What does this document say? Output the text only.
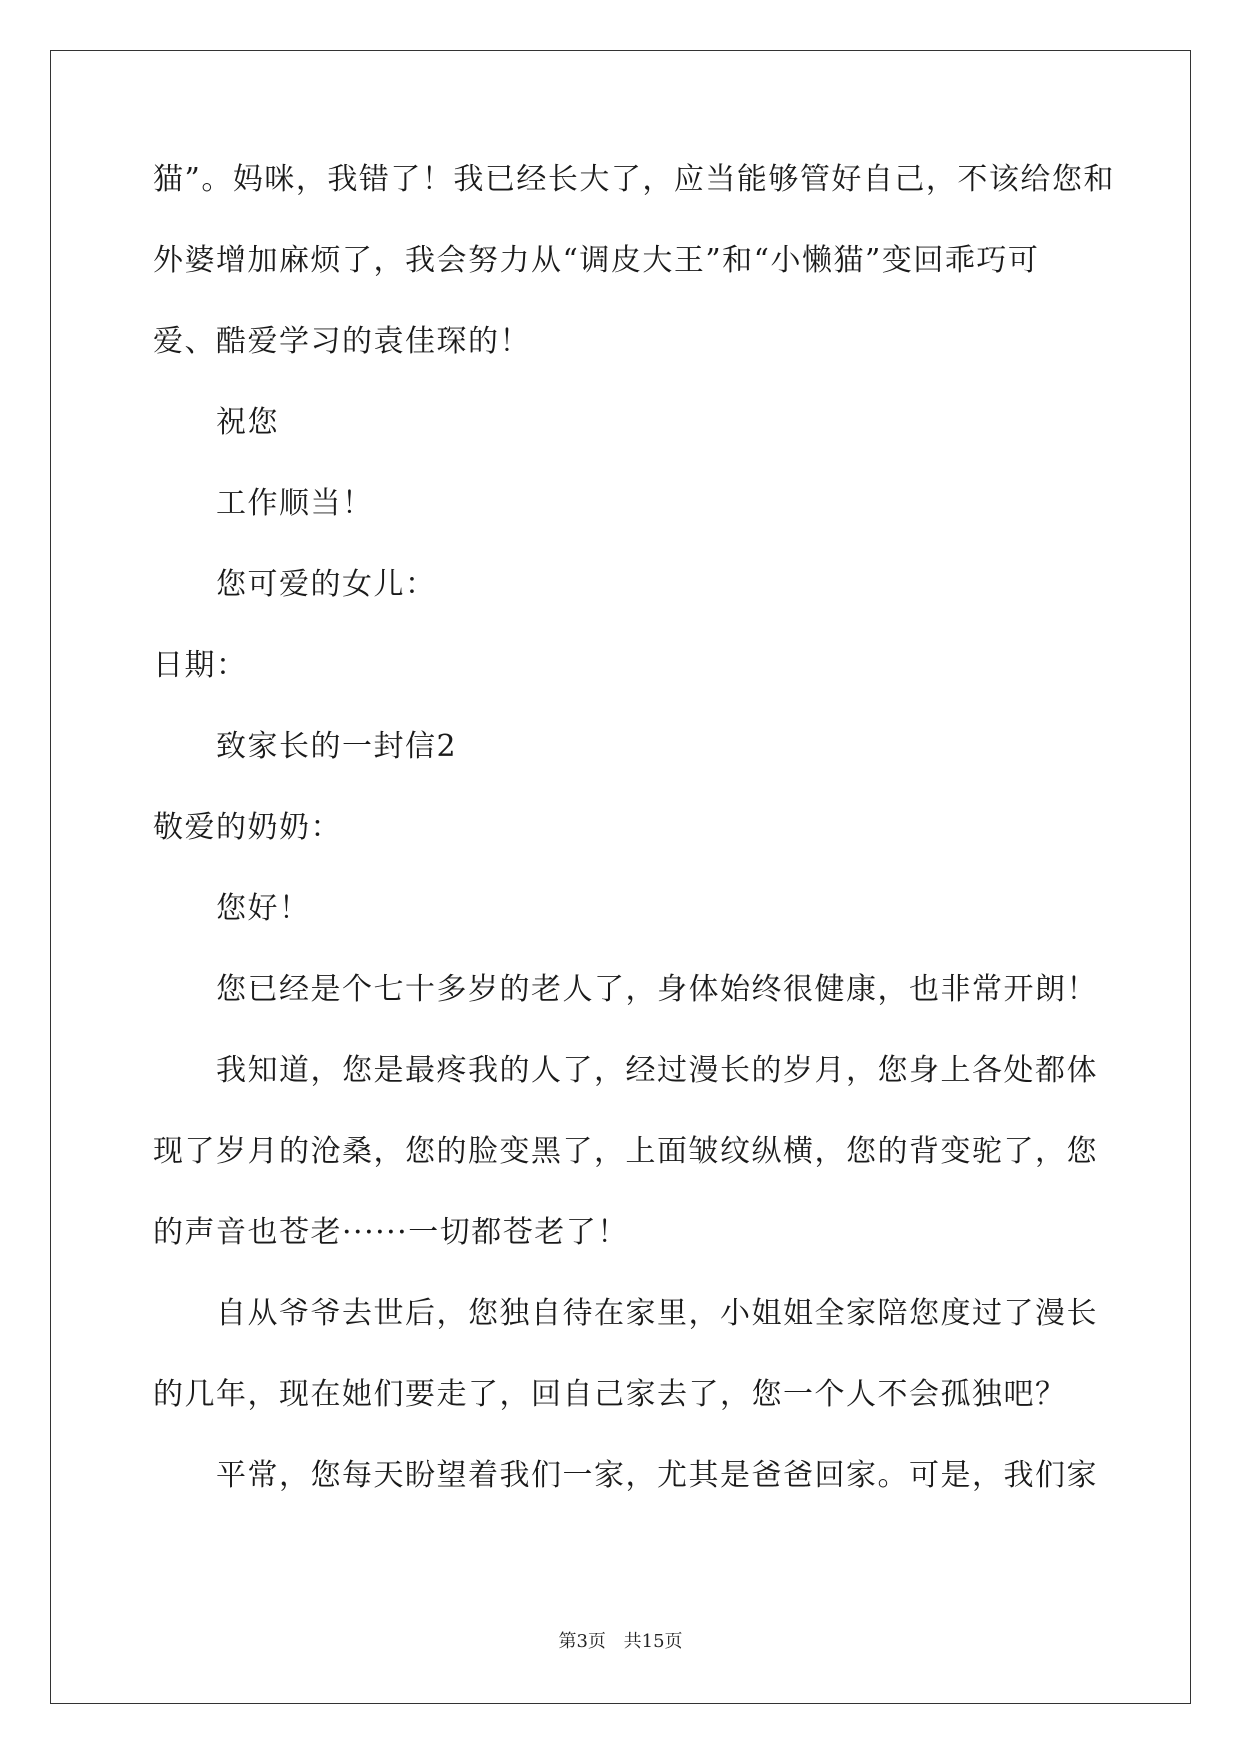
猫”。妈咪，我错了！我已经长大了，应当能够管好自己，不该给您和
外婆增加麻烦了，我会努力从“调皮大王”和“小懒猫”变回乖巧可
爱、酷爱学习的袁佳琛的！
祝您
工作顺当！
您可爱的女儿：
日期：
致家长的一封信2
敬爱的奶奶：
您好！
您已经是个七十多岁的老人了，身体始终很健康，也非常开朗！
我知道，您是最疼我的人了，经过漫长的岁月，您身上各处都体
现了岁月的沧桑，您的脸变黑了，上面皱纹纵横，您的背变驼了，您
的声音也苍老······一切都苍老了！
自从爷爷去世后，您独自待在家里，小姐姐全家陪您度过了漫长
的几年，现在她们要走了，回自己家去了，您一个人不会孤独吧？
平常，您每天盼望着我们一家，尤其是爸爸回家。可是，我们家
第3页 共15页
